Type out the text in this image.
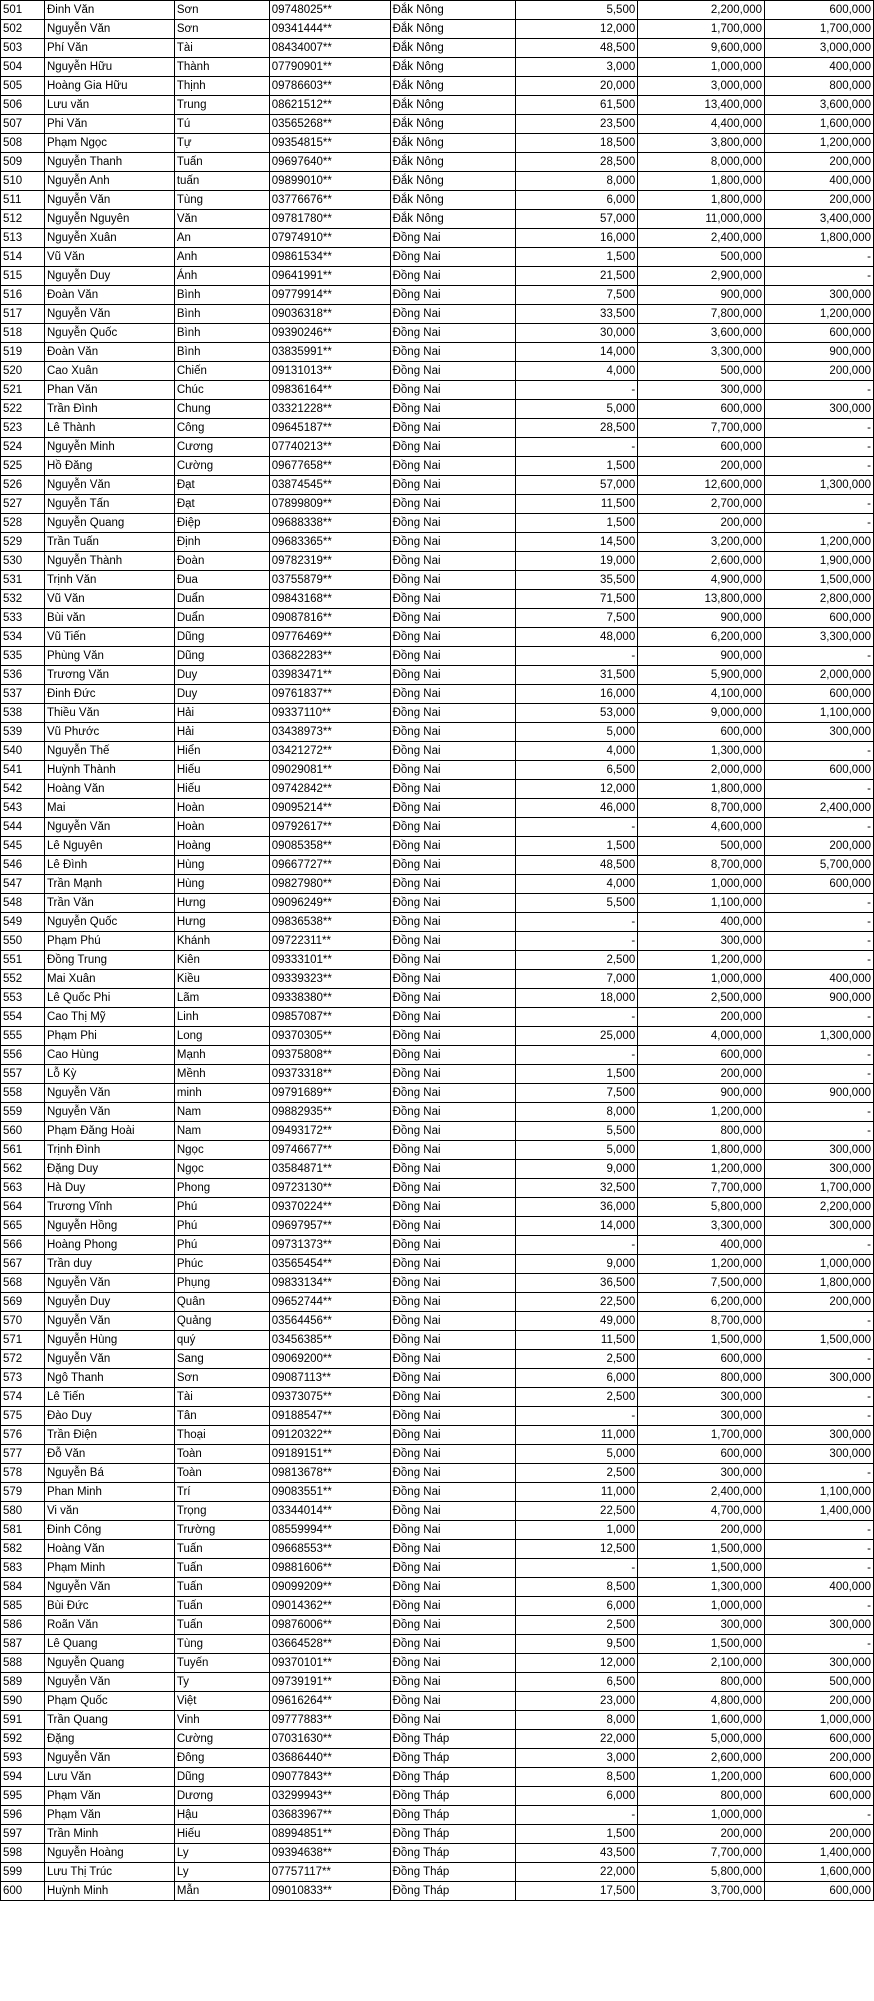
501	Đinh Văn	Sơn	09748025**	Đắk Nông	5,500	2,200,000	600,000
502	Nguyễn Văn	Sơn	09341444**	Đắk Nông	12,000	1,700,000	1,700,000
503	Phí Văn	Tài	08434007**	Đắk Nông	48,500	9,600,000	3,000,000
504	Nguyễn Hữu	Thành	07790901**	Đắk Nông	3,000	1,000,000	400,000
505	Hoàng Gia Hữu	Thịnh	09786603**	Đắk Nông	20,000	3,000,000	800,000
506	Lưu văn	Trung	08621512**	Đắk Nông	61,500	13,400,000	3,600,000
507	Phi Văn	Tú	03565268**	Đắk Nông	23,500	4,400,000	1,600,000
508	Phạm Ngọc	Tự	09354815**	Đắk Nông	18,500	3,800,000	1,200,000
509	Nguyễn Thanh	Tuấn	09697640**	Đắk Nông	28,500	8,000,000	200,000
510	Nguyễn Anh	tuấn	09899010**	Đắk Nông	8,000	1,800,000	400,000
511	Nguyễn Văn	Tùng	03776676**	Đắk Nông	6,000	1,800,000	200,000
512	Nguyễn Nguyên	Văn	09781780**	Đắk Nông	57,000	11,000,000	3,400,000
513	Nguyễn Xuân	An	07974910**	Đồng Nai	16,000	2,400,000	1,800,000
514	Vũ Văn	Anh	09861534**	Đồng Nai	1,500	500,000	-
515	Nguyễn Duy	Ánh	09641991**	Đồng Nai	21,500	2,900,000	-
516	Đoàn Văn	Bình	09779914**	Đồng Nai	7,500	900,000	300,000
517	Nguyễn Văn	Bình	09036318**	Đồng Nai	33,500	7,800,000	1,200,000
518	Nguyễn Quốc	Bình	09390246**	Đồng Nai	30,000	3,600,000	600,000
519	Đoàn Văn	Bình	03835991**	Đồng Nai	14,000	3,300,000	900,000
520	Cao Xuân	Chiến	09131013**	Đồng Nai	4,000	500,000	200,000
521	Phan Văn	Chúc	09836164**	Đồng Nai	-	300,000	-
522	Trần Đình	Chung	03321228**	Đồng Nai	5,000	600,000	300,000
523	Lê Thành	Công	09645187**	Đồng Nai	28,500	7,700,000	-
524	Nguyễn Minh	Cương	07740213**	Đồng Nai	-	600,000	-
525	Hồ Đăng	Cường	09677658**	Đồng Nai	1,500	200,000	-
526	Nguyễn Văn	Đạt	03874545**	Đồng Nai	57,000	12,600,000	1,300,000
527	Nguyễn Tấn	Đạt	07899809**	Đồng Nai	11,500	2,700,000	-
528	Nguyễn Quang	Điệp	09688338**	Đồng Nai	1,500	200,000	-
529	Trần Tuấn	Định	09683365**	Đồng Nai	14,500	3,200,000	1,200,000
530	Nguyễn Thành	Đoàn	09782319**	Đồng Nai	19,000	2,600,000	1,900,000
531	Trịnh Văn	Đua	03755879**	Đồng Nai	35,500	4,900,000	1,500,000
532	Vũ Văn	Duẩn	09843168**	Đồng Nai	71,500	13,800,000	2,800,000
533	Bùi văn	Duẩn	09087816**	Đồng Nai	7,500	900,000	600,000
534	Vũ Tiến	Dũng	09776469**	Đồng Nai	48,000	6,200,000	3,300,000
535	Phùng Văn	Dũng	03682283**	Đồng Nai	-	900,000	-
536	Trương Văn	Duy	03983471**	Đồng Nai	31,500	5,900,000	2,000,000
537	Đinh Đức	Duy	09761837**	Đồng Nai	16,000	4,100,000	600,000
538	Thiều Văn	Hải	09337110**	Đồng Nai	53,000	9,000,000	1,100,000
539	Vũ Phước	Hải	03438973**	Đồng Nai	5,000	600,000	300,000
540	Nguyễn Thế	Hiển	03421272**	Đồng Nai	4,000	1,300,000	-
541	Huỳnh Thành	Hiếu	09029081**	Đồng Nai	6,500	2,000,000	600,000
542	Hoàng Văn	Hiếu	09742842**	Đồng Nai	12,000	1,800,000	-
543	Mai	Hoàn	09095214**	Đồng Nai	46,000	8,700,000	2,400,000
544	Nguyễn Văn	Hoàn	09792617**	Đồng Nai	-	4,600,000	-
545	Lê Nguyên	Hoàng	09085358**	Đồng Nai	1,500	500,000	200,000
546	Lê Đình	Hùng	09667727**	Đồng Nai	48,500	8,700,000	5,700,000
547	Trần Mạnh	Hùng	09827980**	Đồng Nai	4,000	1,000,000	600,000
548	Trần Văn	Hưng	09096249**	Đồng Nai	5,500	1,100,000	-
549	Nguyễn Quốc	Hưng	09836538**	Đồng Nai	-	400,000	-
550	Phạm Phú	Khánh	09722311**	Đồng Nai	-	300,000	-
551	Đồng Trung	Kiên	09333101**	Đồng Nai	2,500	1,200,000	-
552	Mai Xuân	Kiều	09339323**	Đồng Nai	7,000	1,000,000	400,000
553	Lê Quốc Phi	Lãm	09338380**	Đồng Nai	18,000	2,500,000	900,000
554	Cao Thị Mỹ	Linh	09857087**	Đồng Nai	-	200,000	-
555	Phạm Phi	Long	09370305**	Đồng Nai	25,000	4,000,000	1,300,000
556	Cao Hùng	Mạnh	09375808**	Đồng Nai	-	600,000	-
557	Lỗ Kỳ	Mềnh	09373318**	Đồng Nai	1,500	200,000	-
558	Nguyễn Văn	minh	09791689**	Đồng Nai	7,500	900,000	900,000
559	Nguyễn Văn	Nam	09882935**	Đồng Nai	8,000	1,200,000	-
560	Phạm Đăng Hoài	Nam	09493172**	Đồng Nai	5,500	800,000	-
561	Trịnh Đình	Ngọc	09746677**	Đồng Nai	5,000	1,800,000	300,000
562	Đặng Duy	Ngọc	03584871**	Đồng Nai	9,000	1,200,000	300,000
563	Hà Duy	Phong	09723130**	Đồng Nai	32,500	7,700,000	1,700,000
564	Trương Vĩnh	Phú	09370224**	Đồng Nai	36,000	5,800,000	2,200,000
565	Nguyễn Hồng	Phú	09697957**	Đồng Nai	14,000	3,300,000	300,000
566	Hoàng Phong	Phú	09731373**	Đồng Nai	-	400,000	-
567	Trần duy	Phúc	03565454**	Đồng Nai	9,000	1,200,000	1,000,000
568	Nguyễn Văn	Phụng	09833134**	Đồng Nai	36,500	7,500,000	1,800,000
569	Nguyễn Duy	Quân	09652744**	Đồng Nai	22,500	6,200,000	200,000
570	Nguyễn Văn	Quảng	03564456**	Đồng Nai	49,000	8,700,000	-
571	Nguyễn Hùng	quý	03456385**	Đồng Nai	11,500	1,500,000	1,500,000
572	Nguyễn Văn	Sang	09069200**	Đồng Nai	2,500	600,000	-
573	Ngô Thanh	Sơn	09087113**	Đồng Nai	6,000	800,000	300,000
574	Lê Tiến	Tài	09373075**	Đồng Nai	2,500	300,000	-
575	Đào Duy	Tân	09188547**	Đồng Nai	-	300,000	-
576	Trần Điện	Thoại	09120322**	Đồng Nai	11,000	1,700,000	300,000
577	Đỗ Văn	Toàn	09189151**	Đồng Nai	5,000	600,000	300,000
578	Nguyễn Bá	Toàn	09813678**	Đồng Nai	2,500	300,000	-
579	Phan Minh	Trí	09083551**	Đồng Nai	11,000	2,400,000	1,100,000
580	Vi văn	Trọng	03344014**	Đồng Nai	22,500	4,700,000	1,400,000
581	Đinh Công	Trường	08559994**	Đồng Nai	1,000	200,000	-
582	Hoàng Văn	Tuấn	09668553**	Đồng Nai	12,500	1,500,000	-
583	Phạm Minh	Tuấn	09881606**	Đồng Nai	-	1,500,000	-
584	Nguyễn Văn	Tuấn	09099209**	Đồng Nai	8,500	1,300,000	400,000
585	Bùi Đức	Tuấn	09014362**	Đồng Nai	6,000	1,000,000	-
586	Roãn Văn	Tuấn	09876006**	Đồng Nai	2,500	300,000	300,000
587	Lê Quang	Tùng	03664528**	Đồng Nai	9,500	1,500,000	-
588	Nguyễn Quang	Tuyến	09370101**	Đồng Nai	12,000	2,100,000	300,000
589	Nguyễn Văn	Ty	09739191**	Đồng Nai	6,500	800,000	500,000
590	Phạm Quốc	Việt	09616264**	Đồng Nai	23,000	4,800,000	200,000
591	Trần Quang	Vinh	09777883**	Đồng Nai	8,000	1,600,000	1,000,000
592	Đặng	Cường	07031630**	Đồng Tháp	22,000	5,000,000	600,000
593	Nguyễn Văn	Đông	03686440**	Đồng Tháp	3,000	2,600,000	200,000
594	Lưu Văn	Dũng	09077843**	Đồng Tháp	8,500	1,200,000	600,000
595	Phạm Văn	Dương	03299943**	Đồng Tháp	6,000	800,000	600,000
596	Phạm Văn	Hậu	03683967**	Đồng Tháp	-	1,000,000	-
597	Trần Minh	Hiếu	08994851**	Đồng Tháp	1,500	200,000	200,000
598	Nguyễn Hoàng	Ly	09394638**	Đồng Tháp	43,500	7,700,000	1,400,000
599	Lưu Thị Trúc	Ly	07757117**	Đồng Tháp	22,000	5,800,000	1,600,000
600	Huỳnh Minh	Mẫn	09010833**	Đồng Tháp	17,500	3,700,000	600,000
